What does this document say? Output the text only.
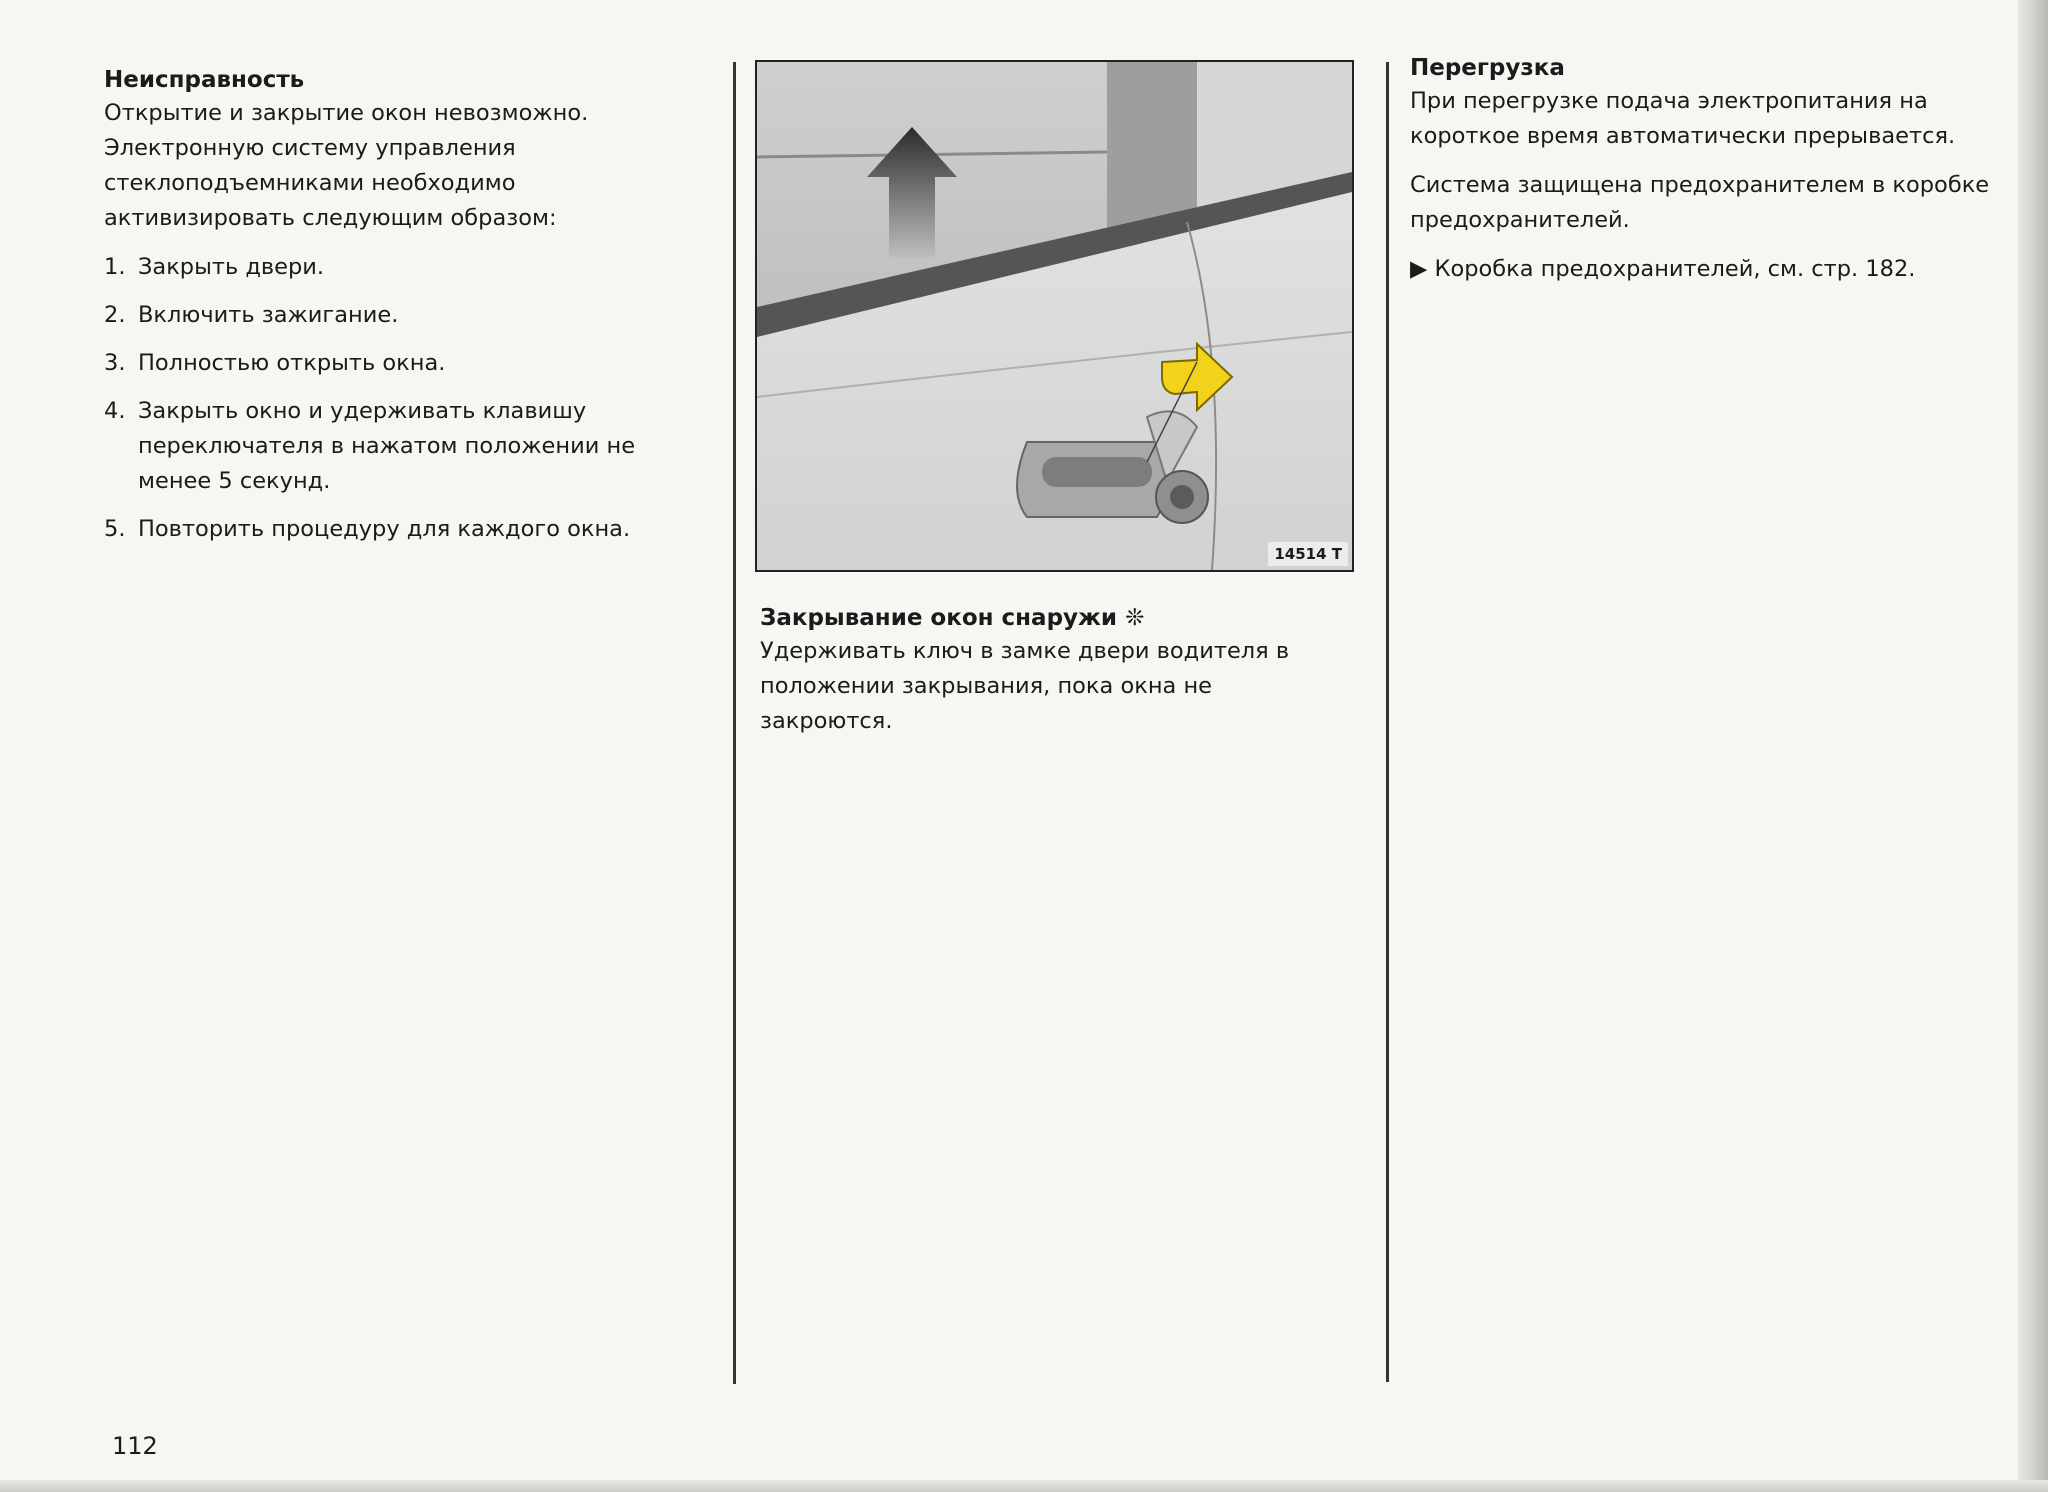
Неисправность

Открытие и закрытие окон невозможно. Электронную систему управления стеклоподъемниками необходимо активизировать следующим образом:

1. Закрыть двери.
2. Включить зажигание.
3. Полностью открыть окна.
4. Закрыть окно и удерживать клавишу переключателя в нажатом положении не менее 5 секунд.
5. Повторить процедуру для каждого окна.
14514 T
Закрывание окон снаружи ❊

Удерживать ключ в замке двери водителя в положении закрывания, пока окна не закроются.

Перегрузка

При перегрузке подача электропитания на короткое время автоматически прерывается.

Система защищена предохранителем в коробке предохранителей.

▶ Коробка предохранителей, см. стр. 182.

112
